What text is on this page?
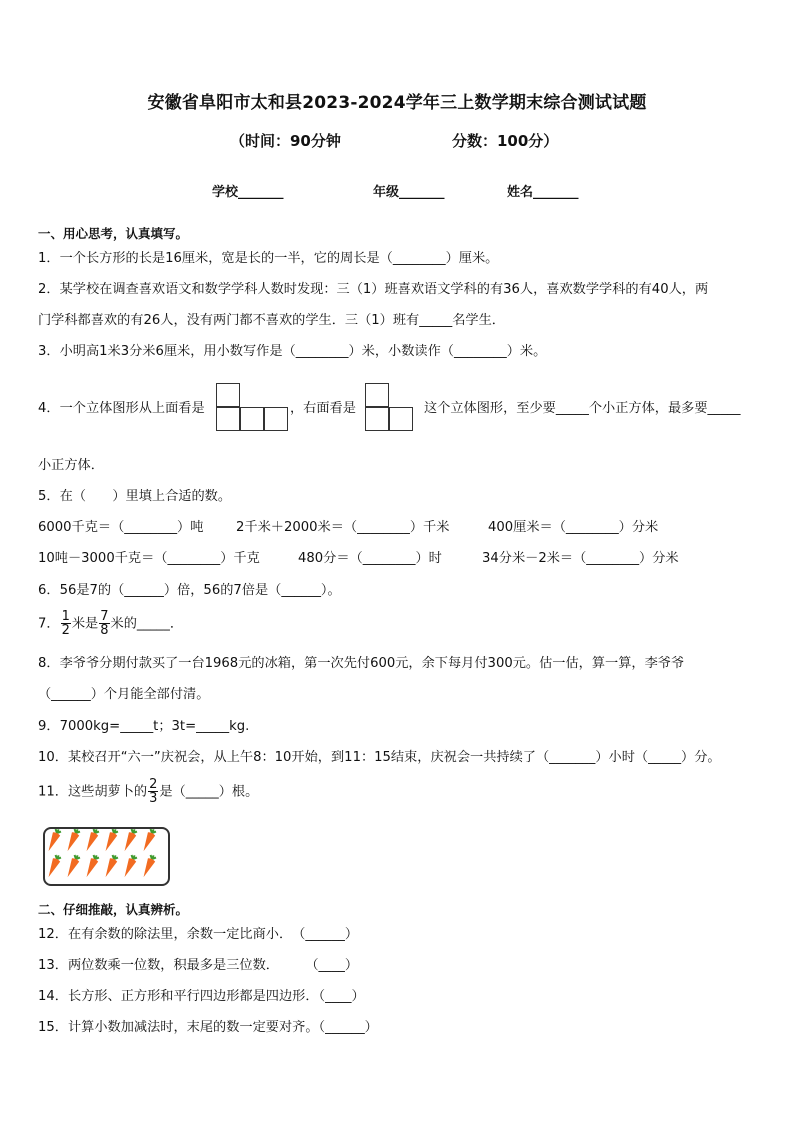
安徽省阜阳市太和县2023-2024学年三上数学期末综合测试试题
（时间：90分钟	分数：100分）
学校_______	年级_______	姓名_______
一、用心思考，认真填写。
1．一个长方形的长是16厘米，宽是长的一半，它的周长是（________）厘米。
2．某学校在调查喜欢语文和数学学科人数时发现：三（1）班喜欢语文学科的有36人，喜欢数学学科的有40人，两
门学科都喜欢的有26人，没有两门都不喜欢的学生．三（1）班有_____名学生．
3．小明高1米3分米6厘米，用小数写作是（________）米，小数读作（________）米。
4．一个立体图形从上面看是	，右面看是	这个立体图形，至少要_____个小正方体，最多要_____
小正方体．
5．在（　　）里填上合适的数。
6000千克＝（________）吨 2千米＋2000米＝（________）千米	400厘米＝（________）分米
10吨－3000千克＝（________）千克	480分＝（________）时	34分米－2米＝（________）分米
6．56是7的（______）倍，56的7倍是（______）。
7． $\frac{1}{2}$ 米是 $\frac{7}{8}$ 米的_____．
8．李爷爷分期付款买了一台1968元的冰箱，第一次先付600元，余下每月付300元。估一估，算一算，李爷爷
（______）个月能全部付清。
9．7000kg=_____t；3t=_____kg.
10．某校召开“六一”庆祝会，从上午8：10开始，到11：15结束，庆祝会一共持续了（_______）小时（_____）分。
11．这些胡萝卜的 $\frac{2}{3}$ 是（_____）根。
二、仔细推敲，认真辨析。
12．在有余数的除法里，余数一定比商小．　（______）
13．两位数乘一位数，积最多是三位数．　　　（____）
14．长方形、正方形和平行四边形都是四边形．（____）
15．计算小数加减法时，末尾的数一定要对齐。（______）
